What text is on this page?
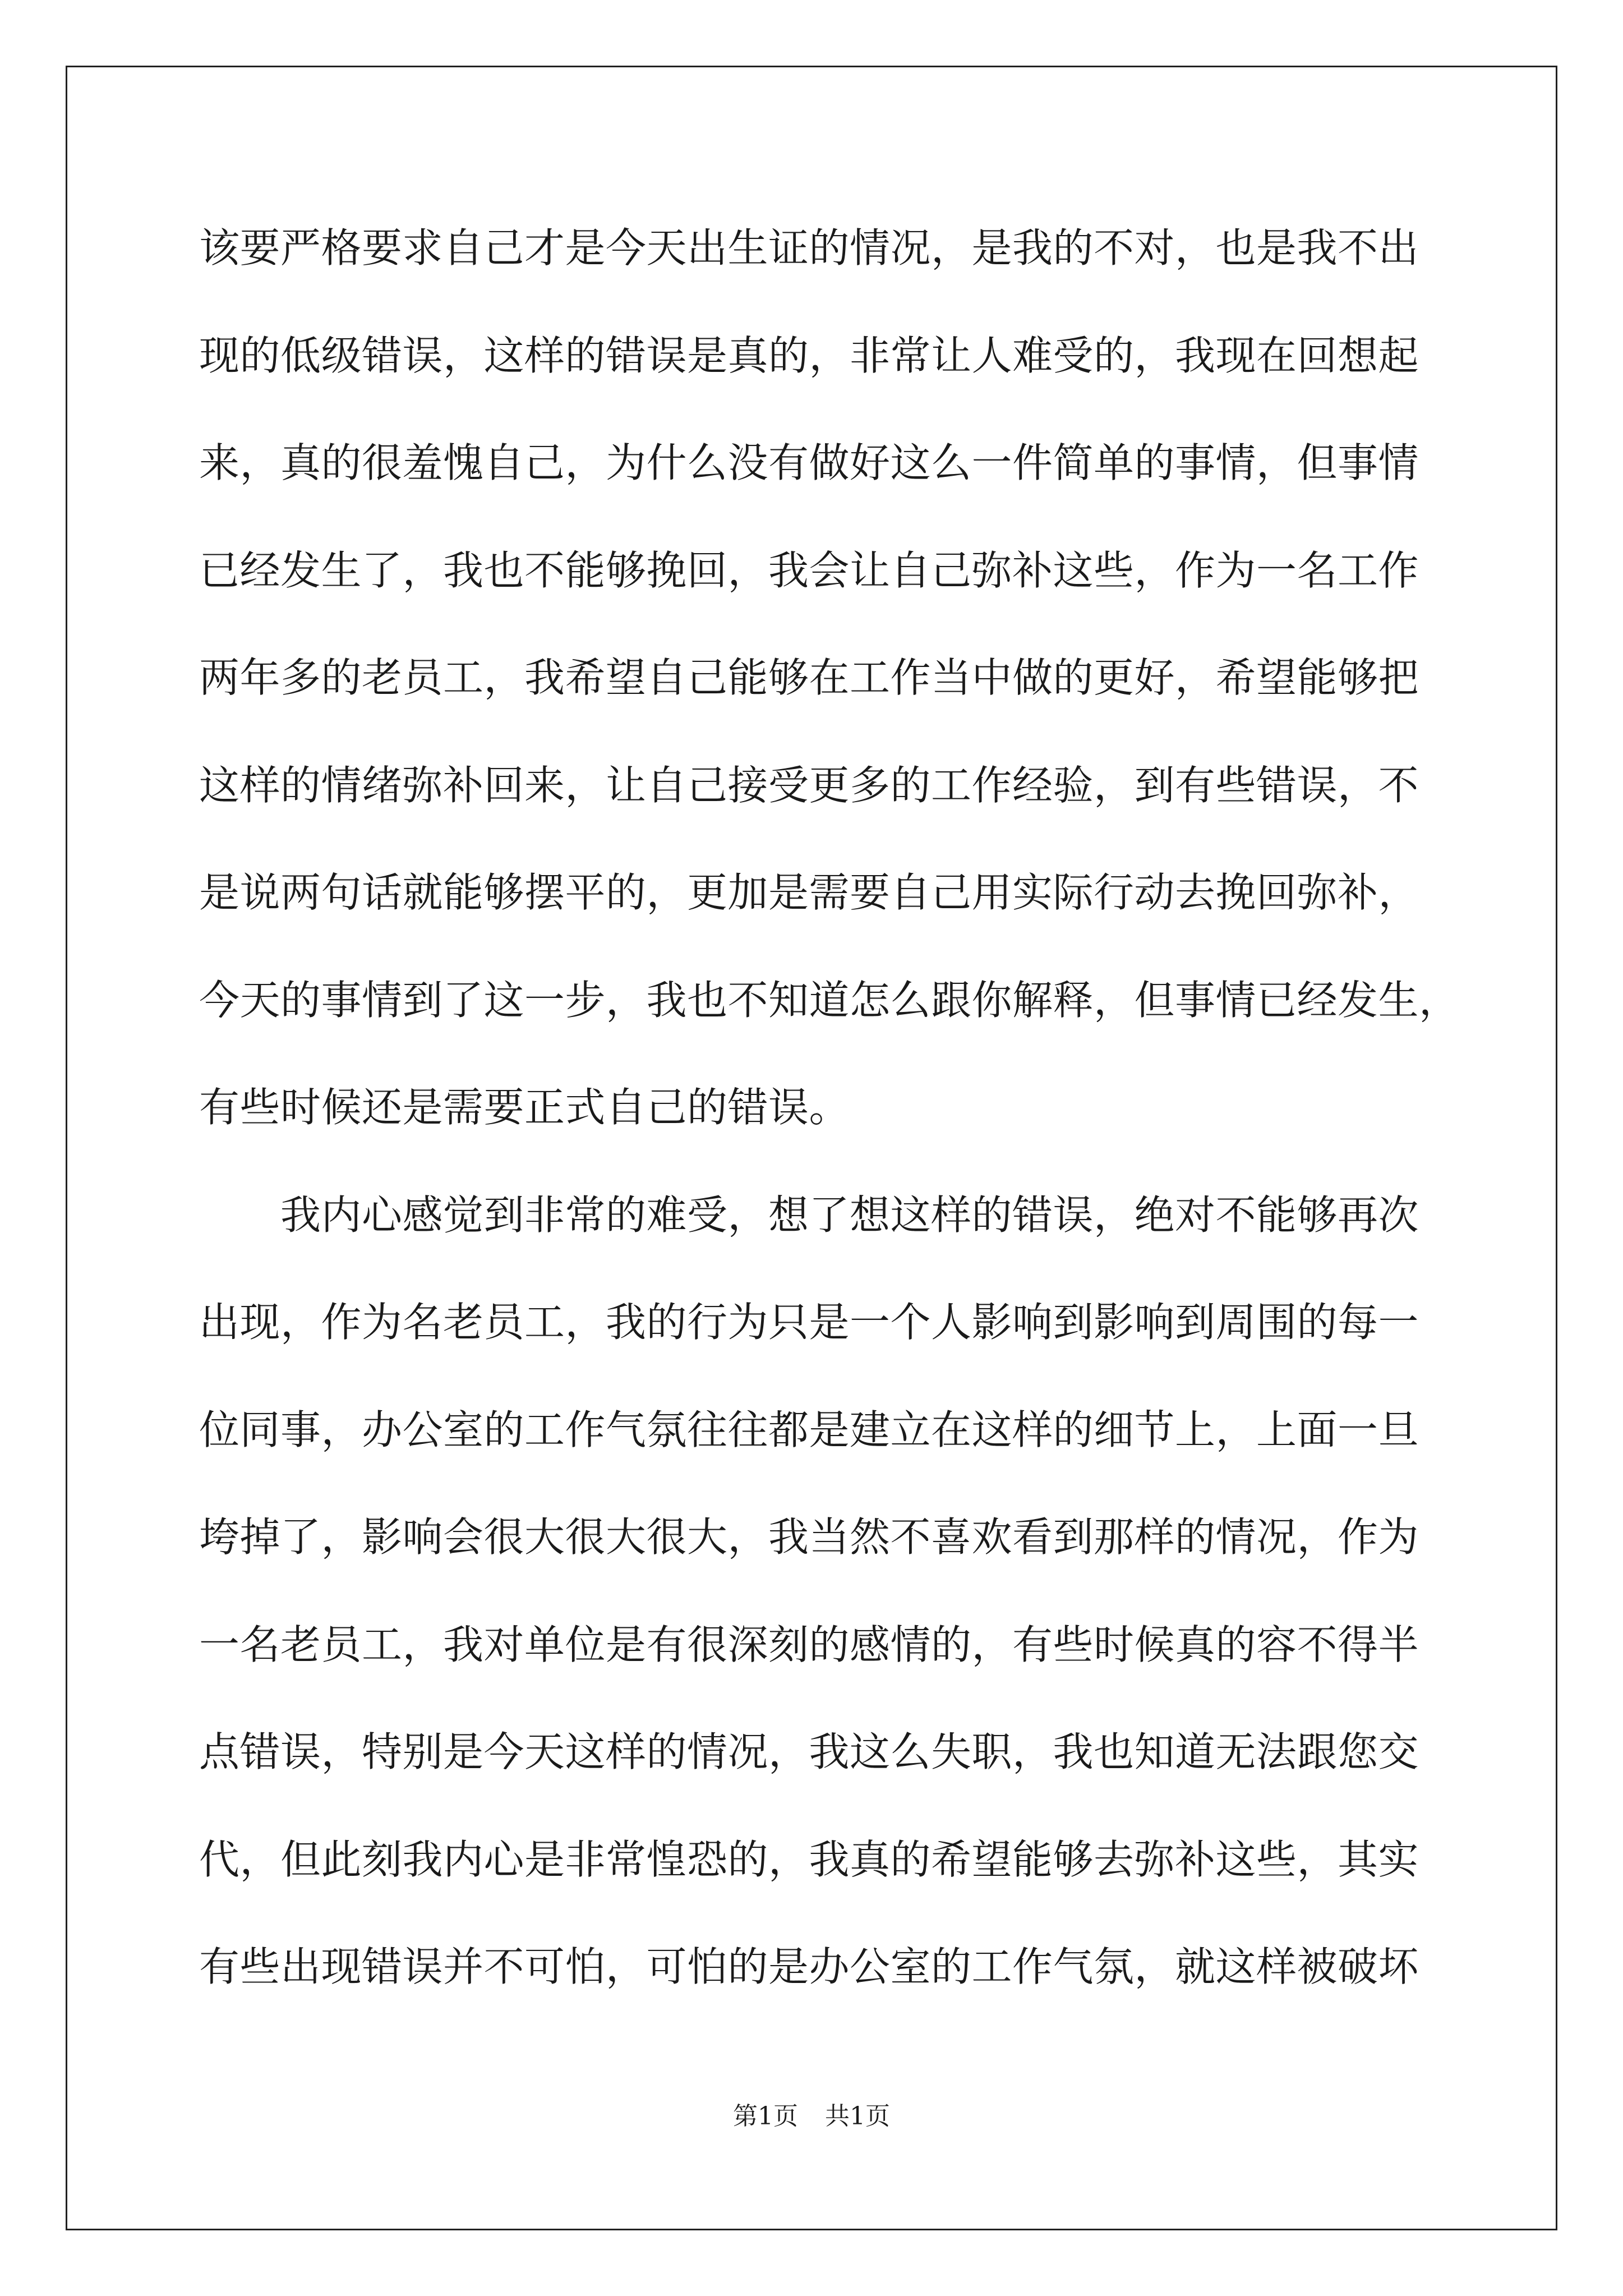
该要严格要求自己才是今天出生证的情况，是我的不对，也是我不出
现的低级错误，这样的错误是真的，非常让人难受的，我现在回想起
来，真的很羞愧自己，为什么没有做好这么一件简单的事情，但事情
已经发生了，我也不能够挽回，我会让自己弥补这些，作为一名工作
两年多的老员工，我希望自己能够在工作当中做的更好，希望能够把
这样的情绪弥补回来，让自己接受更多的工作经验，到有些错误，不
是说两句话就能够摆平的，更加是需要自己用实际行动去挽回弥补，
今天的事情到了这一步，我也不知道怎么跟你解释，但事情已经发生，
有些时候还是需要正式自己的错误。
我内心感觉到非常的难受，想了想这样的错误，绝对不能够再次
出现，作为名老员工，我的行为只是一个人影响到影响到周围的每一
位同事，办公室的工作气氛往往都是建立在这样的细节上，上面一旦
垮掉了，影响会很大很大很大，我当然不喜欢看到那样的情况，作为
一名老员工，我对单位是有很深刻的感情的，有些时候真的容不得半
点错误，特别是今天这样的情况，我这么失职，我也知道无法跟您交
代，但此刻我内心是非常惶恐的，我真的希望能够去弥补这些，其实
有些出现错误并不可怕，可怕的是办公室的工作气氛，就这样被破坏
第1页 共1页
